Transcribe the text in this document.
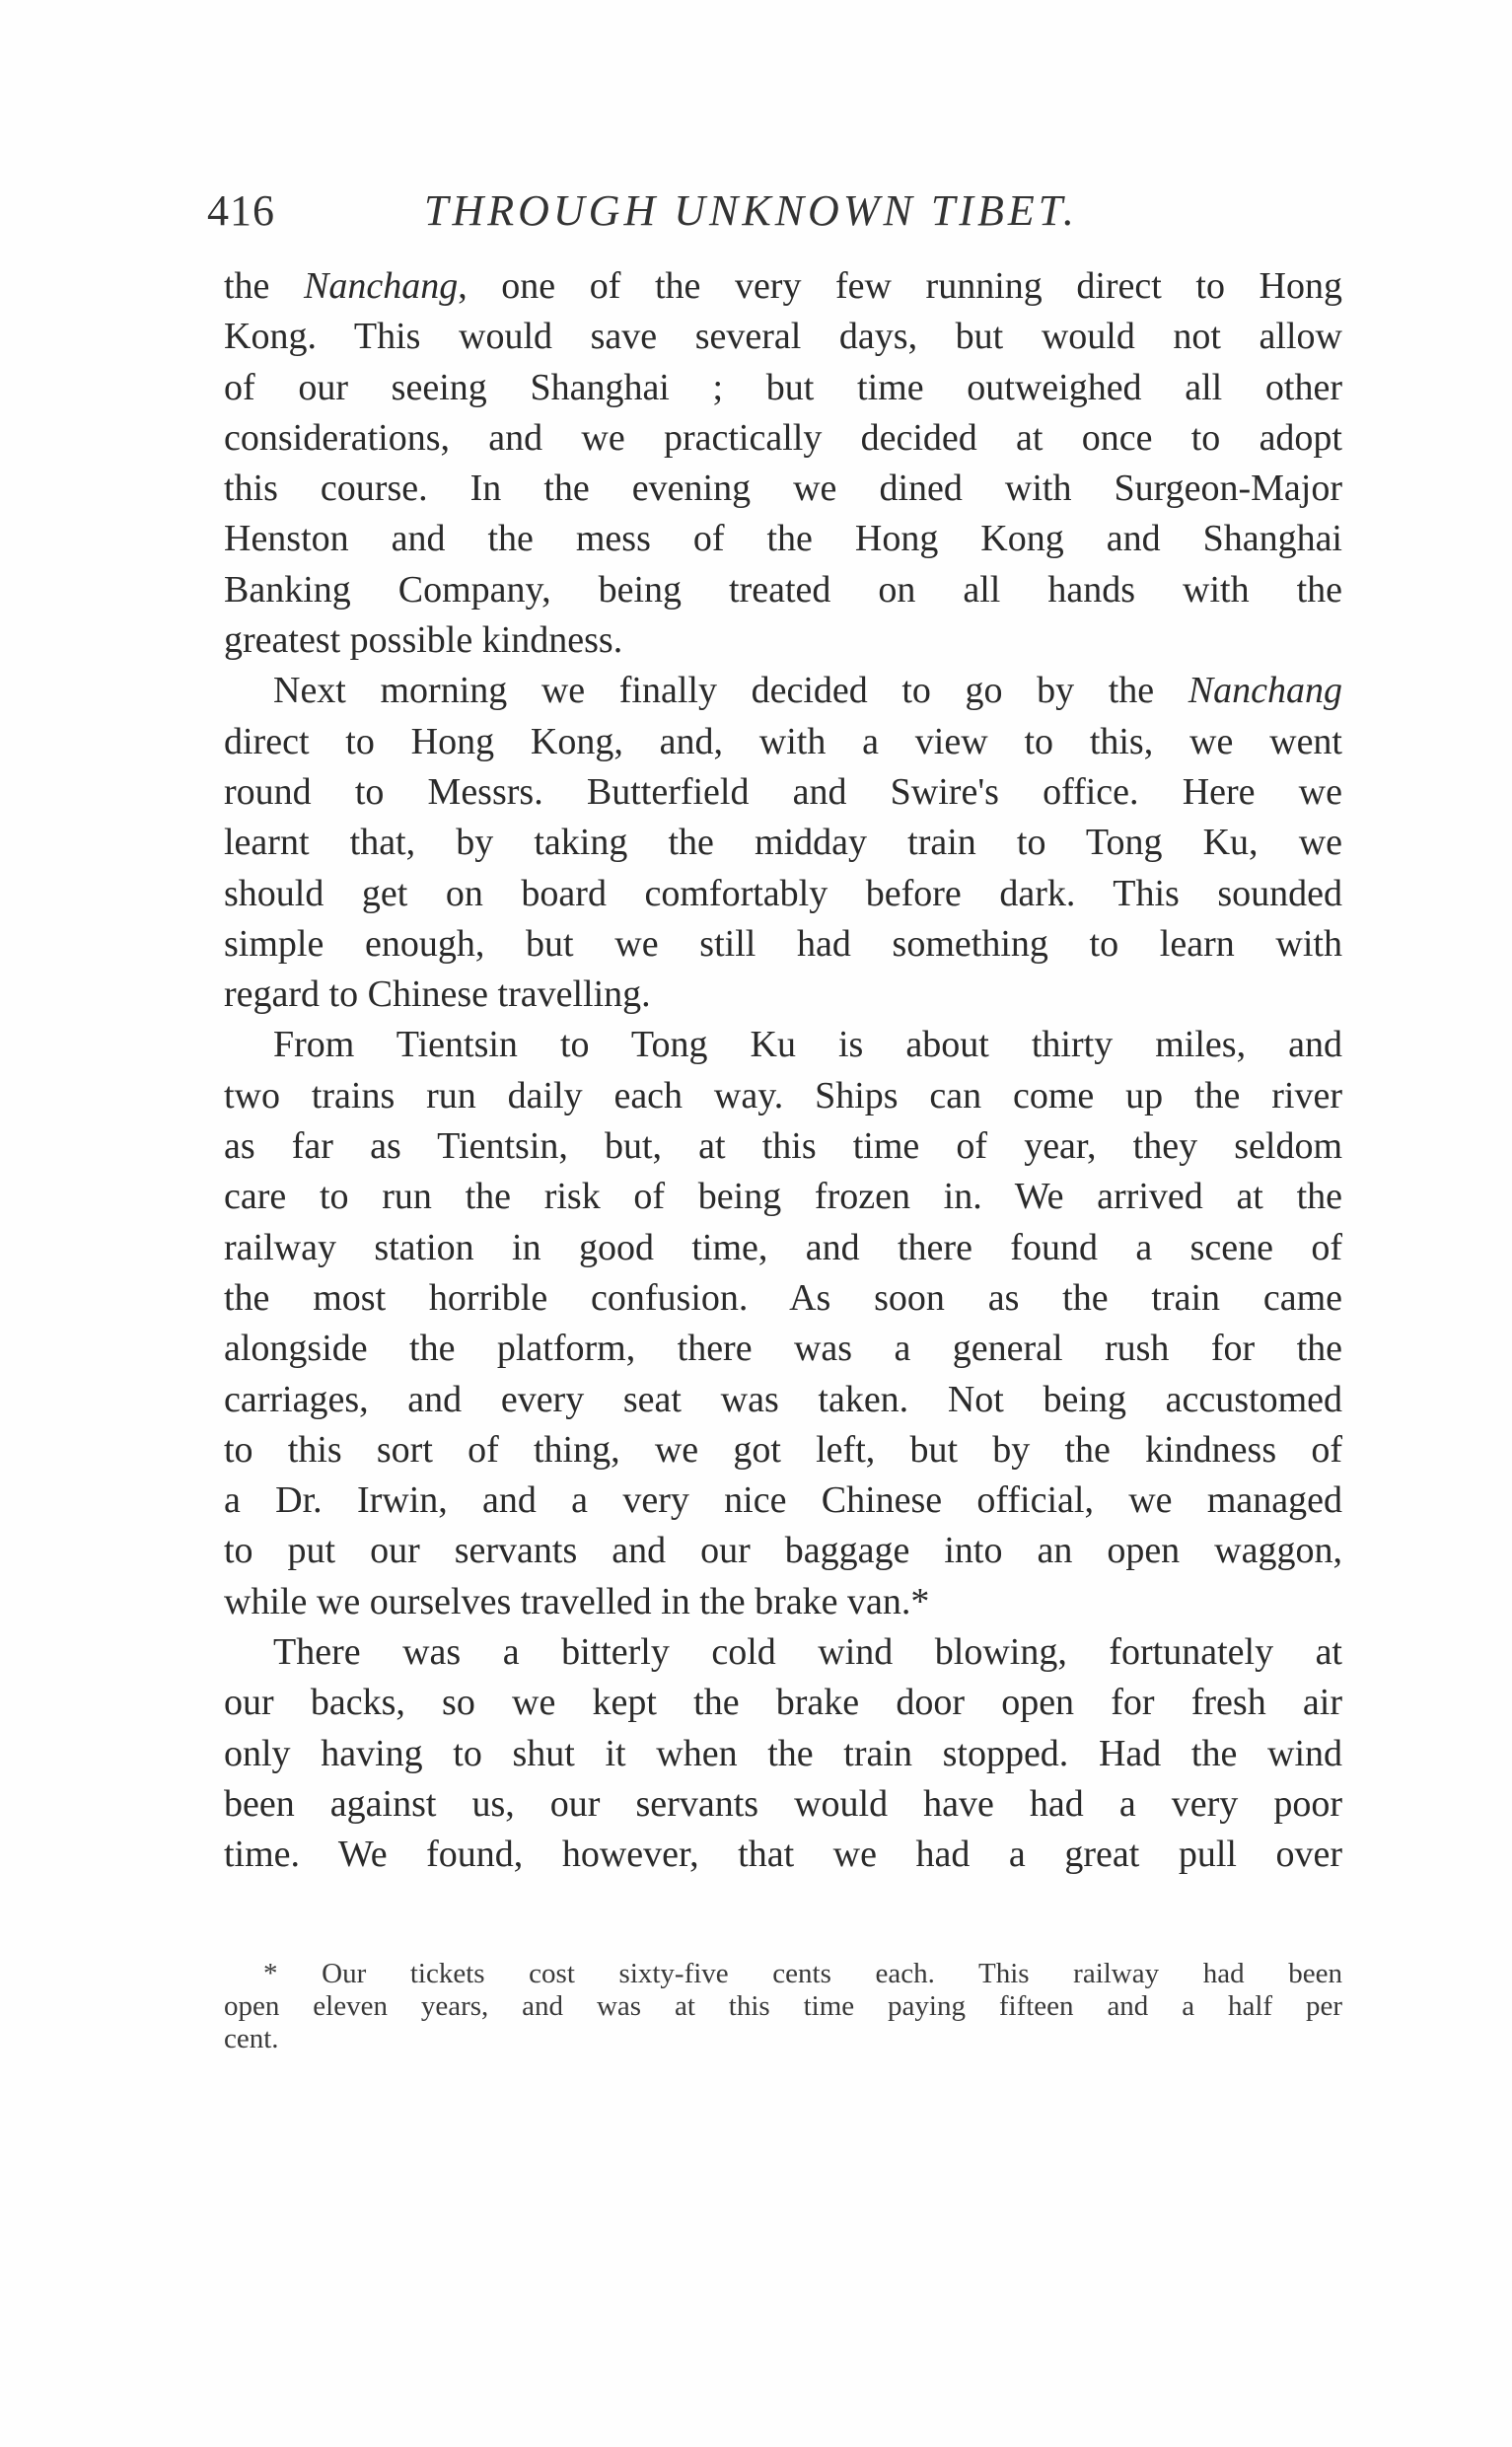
416	THROUGH UNKNOWN TIBET.
the Nanchang, one of the very few running direct to Hong
Kong. This would save several days, but would not allow
of our seeing Shanghai ; but time outweighed all other
considerations, and we practically decided at once to adopt
this course. In the evening we dined with Surgeon-Major
Henston and the mess of the Hong Kong and Shanghai
Banking Company, being treated on all hands with the
greatest possible kindness.
Next morning we finally decided to go by the Nanchang
direct to Hong Kong, and, with a view to this, we went
round to Messrs. Butterfield and Swire's office. Here we
learnt that, by taking the midday train to Tong Ku, we
should get on board comfortably before dark. This sounded
simple enough, but we still had something to learn with
regard to Chinese travelling.
From Tientsin to Tong Ku is about thirty miles, and
two trains run daily each way. Ships can come up the river
as far as Tientsin, but, at this time of year, they seldom
care to run the risk of being frozen in. We arrived at the
railway station in good time, and there found a scene of
the most horrible confusion. As soon as the train came
alongside the platform, there was a general rush for the
carriages, and every seat was taken. Not being accustomed
to this sort of thing, we got left, but by the kindness of
a Dr. Irwin, and a very nice Chinese official, we managed
to put our servants and our baggage into an open waggon,
while we ourselves travelled in the brake van.*
There was a bitterly cold wind blowing, fortunately at
our backs, so we kept the brake door open for fresh air
only having to shut it when the train stopped. Had the wind
been against us, our servants would have had a very poor
time. We found, however, that we had a great pull over
* Our tickets cost sixty-five cents each. This railway had been
open eleven years, and was at this time paying fifteen and a half per
cent.
